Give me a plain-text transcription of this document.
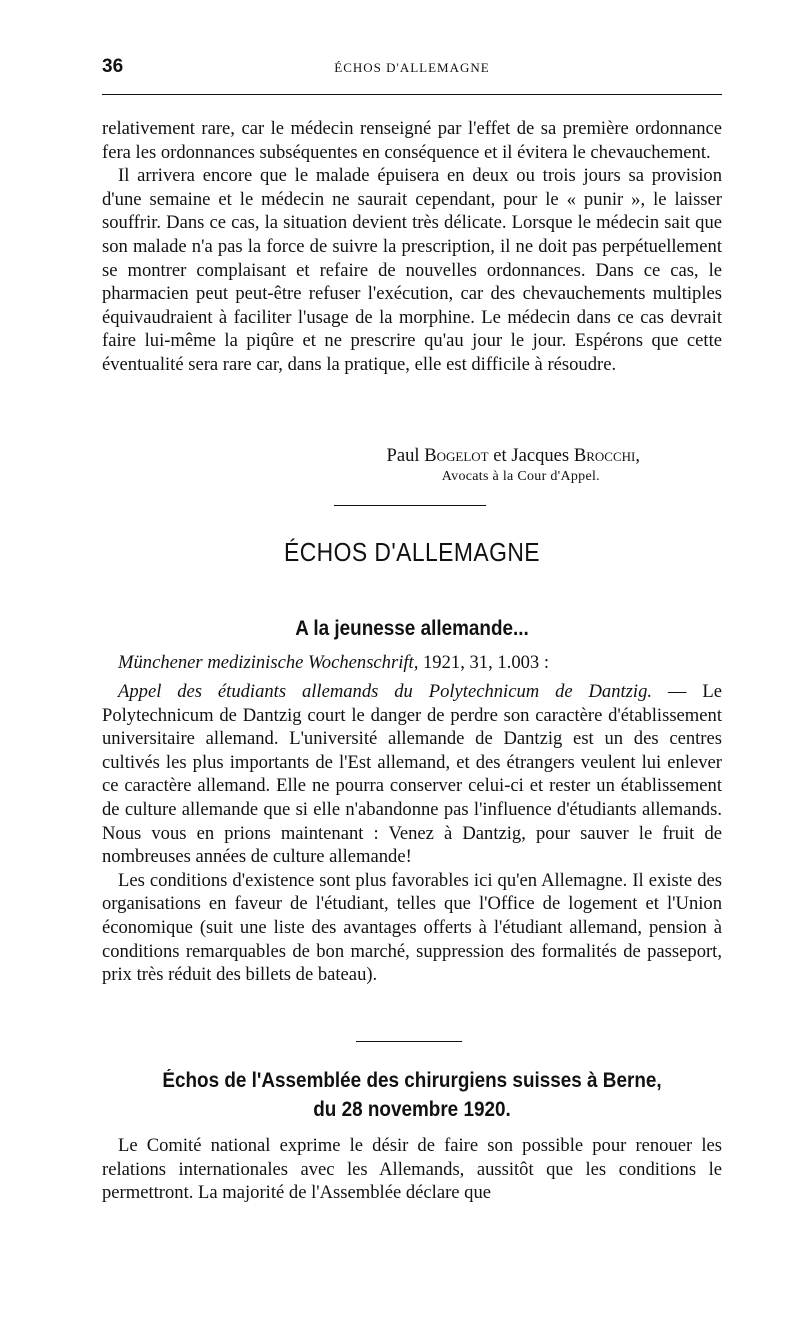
36	ÉCHOS D'ALLEMAGNE

relativement rare, car le médecin renseigné par l'effet de sa première ordonnance fera les ordonnances subséquentes en conséquence et il évitera le chevauchement.

Il arrivera encore que le malade épuisera en deux ou trois jours sa provision d'une semaine et le médecin ne saurait cependant, pour le « punir », le laisser souffrir. Dans ce cas, la situation devient très délicate. Lorsque le médecin sait que son malade n'a pas la force de suivre la prescription, il ne doit pas perpétuellement se montrer complaisant et refaire de nouvelles ordonnances. Dans ce cas, le pharmacien peut peut-être refuser l'exécution, car des chevauchements multiples équivaudraient à faciliter l'usage de la morphine. Le médecin dans ce cas devrait faire lui-même la piqûre et ne prescrire qu'au jour le jour. Espérons que cette éventualité sera rare car, dans la pratique, elle est difficile à résoudre.

Paul Bogelot et Jacques Brocchi,
Avocats à la Cour d'Appel.
ÉCHOS D'ALLEMAGNE
A la jeunesse allemande...
Münchener medizinische Wochenschrift, 1921, 31, 1.003 :

Appel des étudiants allemands du Polytechnicum de Dantzig. — Le Polytechnicum de Dantzig court le danger de perdre son caractère d'établissement universitaire allemand. L'université allemande de Dantzig est un des centres cultivés les plus importants de l'Est allemand, et des étrangers veulent lui enlever ce caractère allemand. Elle ne pourra conserver celui-ci et rester un établissement de culture allemande que si elle n'abandonne pas l'influence d'étudiants allemands. Nous vous en prions maintenant : Venez à Dantzig, pour sauver le fruit de nombreuses années de culture allemande!

Les conditions d'existence sont plus favorables ici qu'en Allemagne. Il existe des organisations en faveur de l'étudiant, telles que l'Office de logement et l'Union économique (suit une liste des avantages offerts à l'étudiant allemand, pension à conditions remarquables de bon marché, suppression des formalités de passeport, prix très réduit des billets de bateau).

Échos de l'Assemblée des chirurgiens suisses à Berne,
du 28 novembre 1920.

Le Comité national exprime le désir de faire son possible pour renouer les relations internationales avec les Allemands, aussitôt que les conditions le permettront. La majorité de l'Assemblée déclare que
